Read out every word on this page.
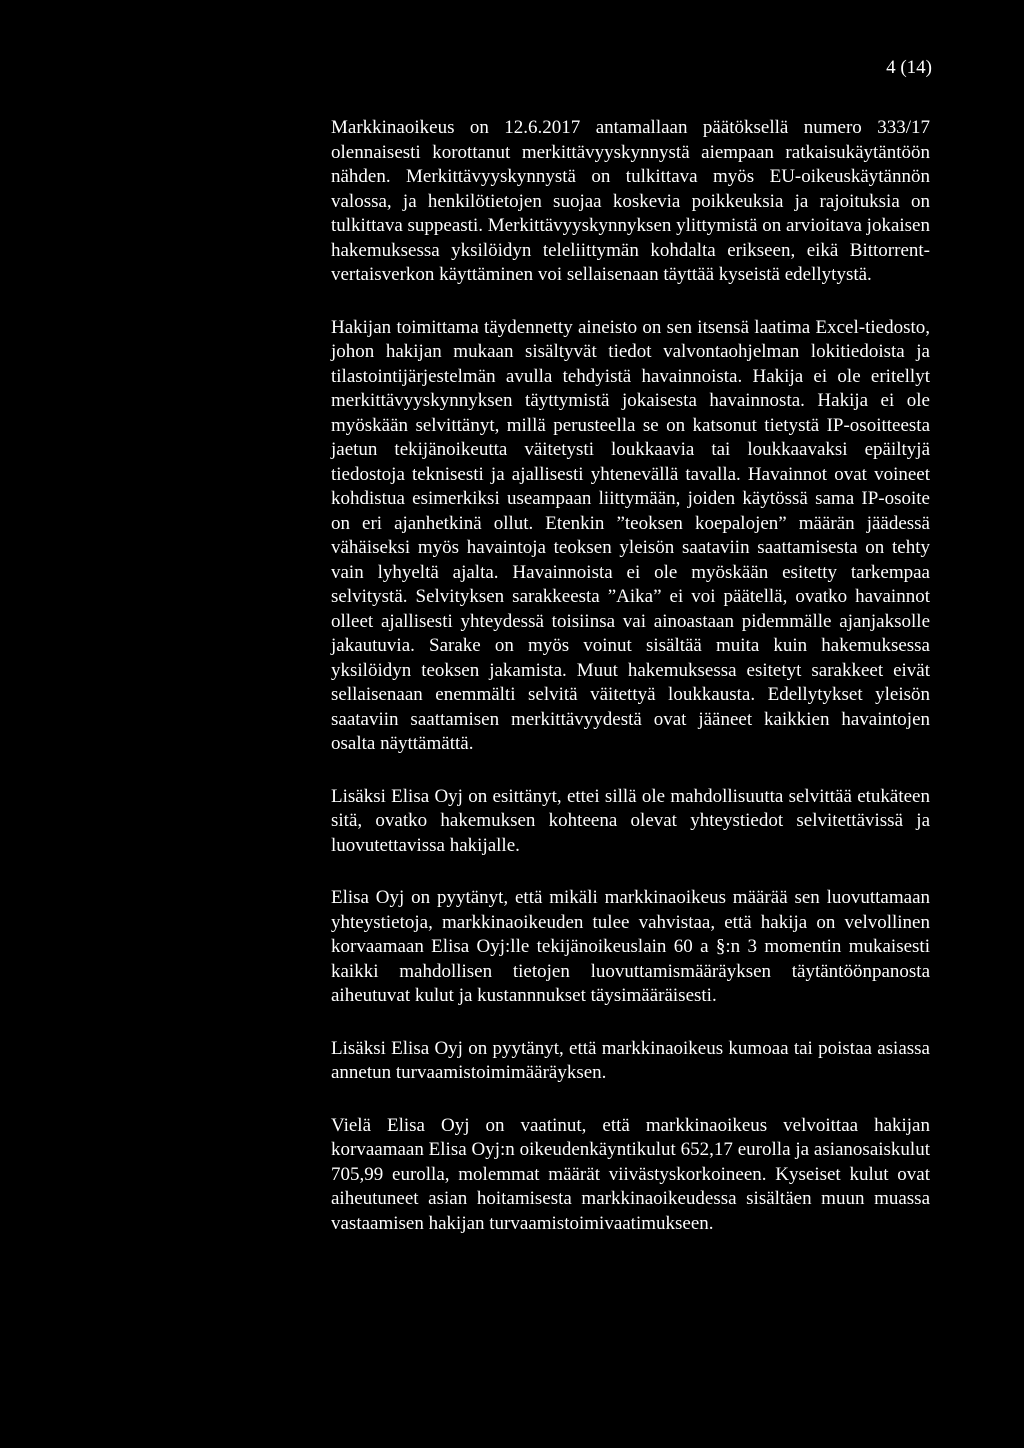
4 (14)

Markkinaoikeus on 12.6.2017 antamallaan päätöksellä numero 333/17 olennaisesti korottanut merkittävyyskynnystä aiempaan ratkaisukäytäntöön nähden. Merkittävyyskynnystä on tulkittava myös EU-oikeuskäytännön valossa, ja henkilötietojen suojaa koskevia poikkeuksia ja rajoituksia on tulkittava suppeasti. Merkittävyyskynnyksen ylittymistä on arvioitava jokaisen hakemuksessa yksilöidyn teleliittymän kohdalta erikseen, eikä Bittorrent-vertaisverkon käyttäminen voi sellaisenaan täyttää kyseistä edellytystä.

Hakijan toimittama täydennetty aineisto on sen itsensä laatima Excel-tiedosto, johon hakijan mukaan sisältyvät tiedot valvontaohjelman lokitiedoista ja tilastointijärjestelmän avulla tehdyistä havainnoista. Hakija ei ole eritellyt merkittävyyskynnyksen täyttymistä jokaisesta havainnosta. Hakija ei ole myöskään selvittänyt, millä perusteella se on katsonut tietystä IP-osoitteesta jaetun tekijänoikeutta väitetysti loukkaavia tai loukkaavaksi epäiltyjä tiedostoja teknisesti ja ajallisesti yhtenevällä tavalla. Havainnot ovat voineet kohdistua esimerkiksi useampaan liittymään, joiden käytössä sama IP-osoite on eri ajanhetkinä ollut. Etenkin ”teoksen koepalojen” määrän jäädessä vähäiseksi myös havaintoja teoksen yleisön saataviin saattamisesta on tehty vain lyhyeltä ajalta. Havainnoista ei ole myöskään esitetty tarkempaa selvitystä. Selvityksen sarakkeesta ”Aika” ei voi päätellä, ovatko havainnot olleet ajallisesti yhteydessä toisiinsa vai ainoastaan pidemmälle ajanjaksolle jakautuvia. Sarake on myös voinut sisältää muita kuin hakemuksessa yksilöidyn teoksen jakamista. Muut hakemuksessa esitetyt sarakkeet eivät sellaisenaan enemmälti selvitä väitettyä loukkausta. Edellytykset yleisön saataviin saattamisen merkittävyydestä ovat jääneet kaikkien havaintojen osalta näyttämättä.

Lisäksi Elisa Oyj on esittänyt, ettei sillä ole mahdollisuutta selvittää etukäteen sitä, ovatko hakemuksen kohteena olevat yhteystiedot selvitettävissä ja luovutettavissa hakijalle.

Elisa Oyj on pyytänyt, että mikäli markkinaoikeus määrää sen luovuttamaan yhteystietoja, markkinaoikeuden tulee vahvistaa, että hakija on velvollinen korvaamaan Elisa Oyj:lle tekijänoikeuslain 60 a §:n 3 momentin mukaisesti kaikki mahdollisen tietojen luovuttamismääräyksen täytäntöönpanosta aiheutuvat kulut ja kustannnukset täysimääräisesti.

Lisäksi Elisa Oyj on pyytänyt, että markkinaoikeus kumoaa tai poistaa asiassa annetun turvaamistoimimääräyksen.

Vielä Elisa Oyj on vaatinut, että markkinaoikeus velvoittaa hakijan korvaamaan Elisa Oyj:n oikeudenkäyntikulut 652,17 eurolla ja asianosaiskulut 705,99 eurolla, molemmat määrät viivästyskorkoineen. Kyseiset kulut ovat aiheutuneet asian hoitamisesta markkinaoikeudessa sisältäen muun muassa vastaamisen hakijan turvaamistoimivaatimukseen.
